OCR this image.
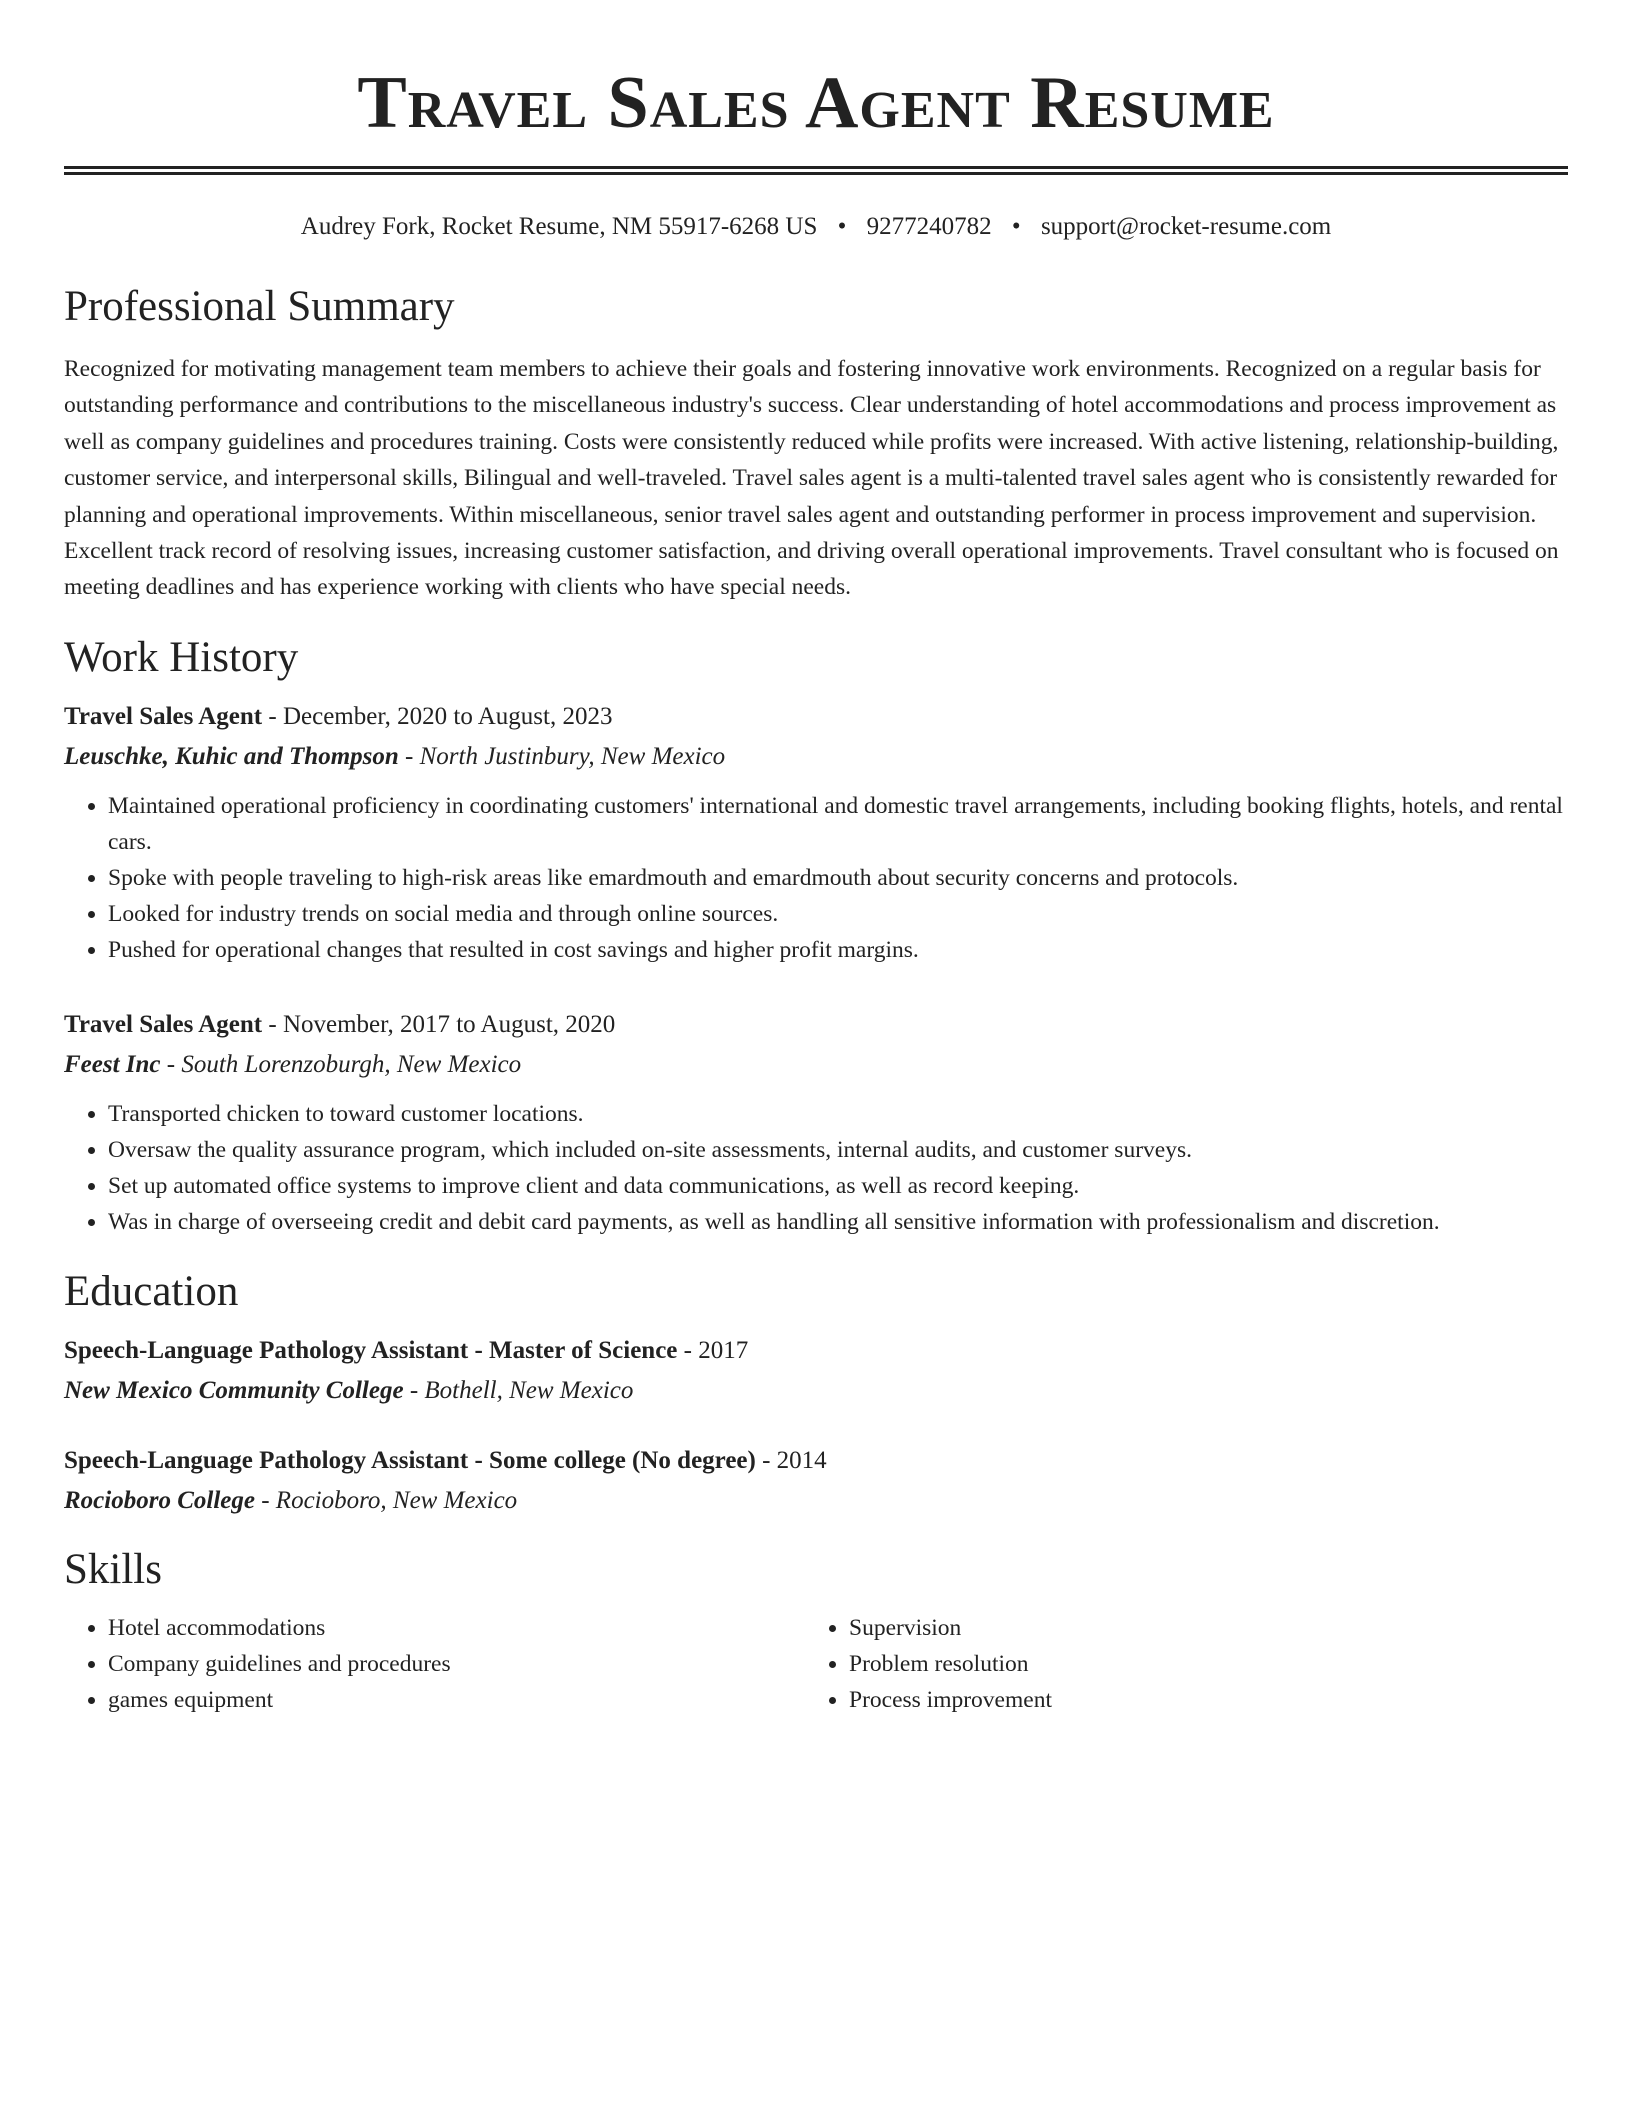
Travel Sales Agent Resume
Audrey Fork, Rocket Resume, NM 55917-6268 US • 9277240782 • support@rocket-resume.com
Professional Summary
Recognized for motivating management team members to achieve their goals and fostering innovative work environments. Recognized on a regular basis for outstanding performance and contributions to the miscellaneous industry's success. Clear understanding of hotel accommodations and process improvement as well as company guidelines and procedures training. Costs were consistently reduced while profits were increased. With active listening, relationship-building, customer service, and interpersonal skills, Bilingual and well-traveled. Travel sales agent is a multi-talented travel sales agent who is consistently rewarded for planning and operational improvements. Within miscellaneous, senior travel sales agent and outstanding performer in process improvement and supervision. Excellent track record of resolving issues, increasing customer satisfaction, and driving overall operational improvements. Travel consultant who is focused on meeting deadlines and has experience working with clients who have special needs.
Work History
Travel Sales Agent - December, 2020 to August, 2023
Leuschke, Kuhic and Thompson - North Justinbury, New Mexico
• Maintained operational proficiency in coordinating customers' international and domestic travel arrangements, including booking flights, hotels, and rental cars.
• Spoke with people traveling to high-risk areas like emardmouth and emardmouth about security concerns and protocols.
• Looked for industry trends on social media and through online sources.
• Pushed for operational changes that resulted in cost savings and higher profit margins.
Travel Sales Agent - November, 2017 to August, 2020
Feest Inc - South Lorenzoburgh, New Mexico
• Transported chicken to toward customer locations.
• Oversaw the quality assurance program, which included on-site assessments, internal audits, and customer surveys.
• Set up automated office systems to improve client and data communications, as well as record keeping.
• Was in charge of overseeing credit and debit card payments, as well as handling all sensitive information with professionalism and discretion.
Education
Speech-Language Pathology Assistant - Master of Science - 2017
New Mexico Community College - Bothell, New Mexico
Speech-Language Pathology Assistant - Some college (No degree) - 2014
Rocioboro College - Rocioboro, New Mexico
Skills
• Hotel accommodations
• Company guidelines and procedures
• games equipment
• Supervision
• Problem resolution
• Process improvement
